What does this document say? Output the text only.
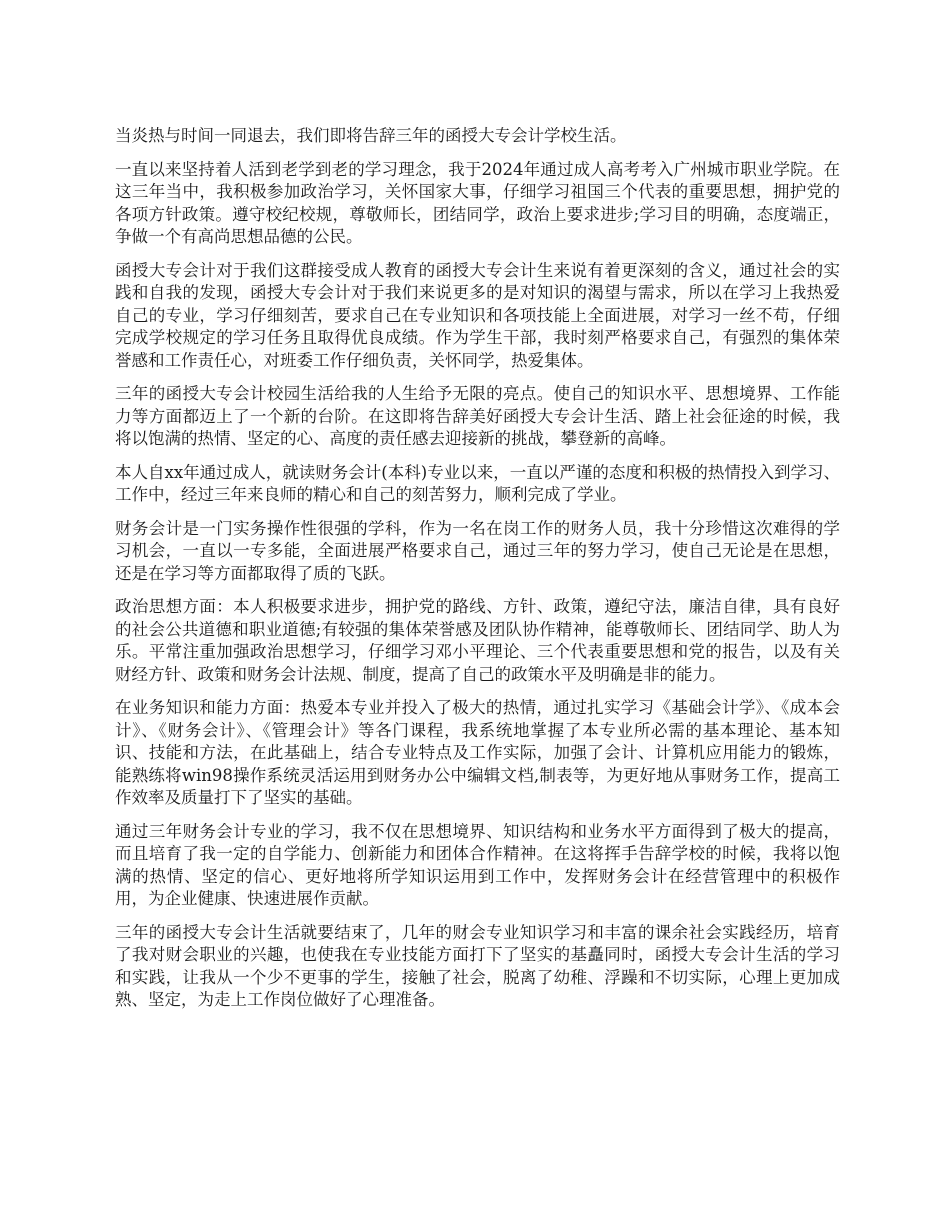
当炎热与时间一同退去，我们即将告辞三年的函授大专会计学校生活。

一直以来坚持着人活到老学到老的学习理念，我于2024年通过成人高考考入广州城市职业学院。在这三年当中，我积极参加政治学习，关怀国家大事，仔细学习祖国三个代表的重要思想，拥护党的各项方针政策。遵守校纪校规，尊敬师长，团结同学，政治上要求进步;学习目的明确，态度端正，争做一个有高尚思想品德的公民。

函授大专会计对于我们这群接受成人教育的函授大专会计生来说有着更深刻的含义，通过社会的实践和自我的发现，函授大专会计对于我们来说更多的是对知识的渴望与需求，所以在学习上我热爱自己的专业，学习仔细刻苦，要求自己在专业知识和各项技能上全面进展，对学习一丝不苟，仔细完成学校规定的学习任务且取得优良成绩。作为学生干部，我时刻严格要求自己，有强烈的集体荣誉感和工作责任心，对班委工作仔细负责，关怀同学，热爱集体。

三年的函授大专会计校园生活给我的人生给予无限的亮点。使自己的知识水平、思想境界、工作能力等方面都迈上了一个新的台阶。在这即将告辞美好函授大专会计生活、踏上社会征途的时候，我将以饱满的热情、坚定的心、高度的责任感去迎接新的挑战，攀登新的高峰。

本人自xx年通过成人，就读财务会计(本科)专业以来，一直以严谨的态度和积极的热情投入到学习、工作中，经过三年来良师的精心和自己的刻苦努力，顺利完成了学业。

财务会计是一门实务操作性很强的学科，作为一名在岗工作的财务人员，我十分珍惜这次难得的学习机会，一直以一专多能，全面进展严格要求自己，通过三年的努力学习，使自己无论是在思想，还是在学习等方面都取得了质的飞跃。

政治思想方面：本人积极要求进步，拥护党的路线、方针、政策，遵纪守法，廉洁自律，具有良好的社会公共道德和职业道德;有较强的集体荣誉感及团队协作精神，能尊敬师长、团结同学、助人为乐。平常注重加强政治思想学习，仔细学习邓小平理论、三个代表重要思想和党的报告，以及有关财经方针、政策和财务会计法规、制度，提高了自己的政策水平及明确是非的能力。

在业务知识和能力方面：热爱本专业并投入了极大的热情，通过扎实学习《基础会计学》、《成本会计》、《财务会计》、《管理会计》等各门课程，我系统地掌握了本专业所必需的基本理论、基本知识、技能和方法，在此基础上，结合专业特点及工作实际，加强了会计、计算机应用能力的锻炼，能熟练将win98操作系统灵活运用到财务办公中编辑文档,制表等，为更好地从事财务工作，提高工作效率及质量打下了坚实的基础。

通过三年财务会计专业的学习，我不仅在思想境界、知识结构和业务水平方面得到了极大的提高，而且培育了我一定的自学能力、创新能力和团体合作精神。在这将挥手告辞学校的时候，我将以饱满的热情、坚定的信心、更好地将所学知识运用到工作中，发挥财务会计在经营管理中的积极作用，为企业健康、快速进展作贡献。

三年的函授大专会计生活就要结束了，几年的财会专业知识学习和丰富的课余社会实践经历，培育了我对财会职业的兴趣，也使我在专业技能方面打下了坚实的基矗同时，函授大专会计生活的学习和实践，让我从一个少不更事的学生，接触了社会，脱离了幼稚、浮躁和不切实际，心理上更加成熟、坚定，为走上工作岗位做好了心理准备。
